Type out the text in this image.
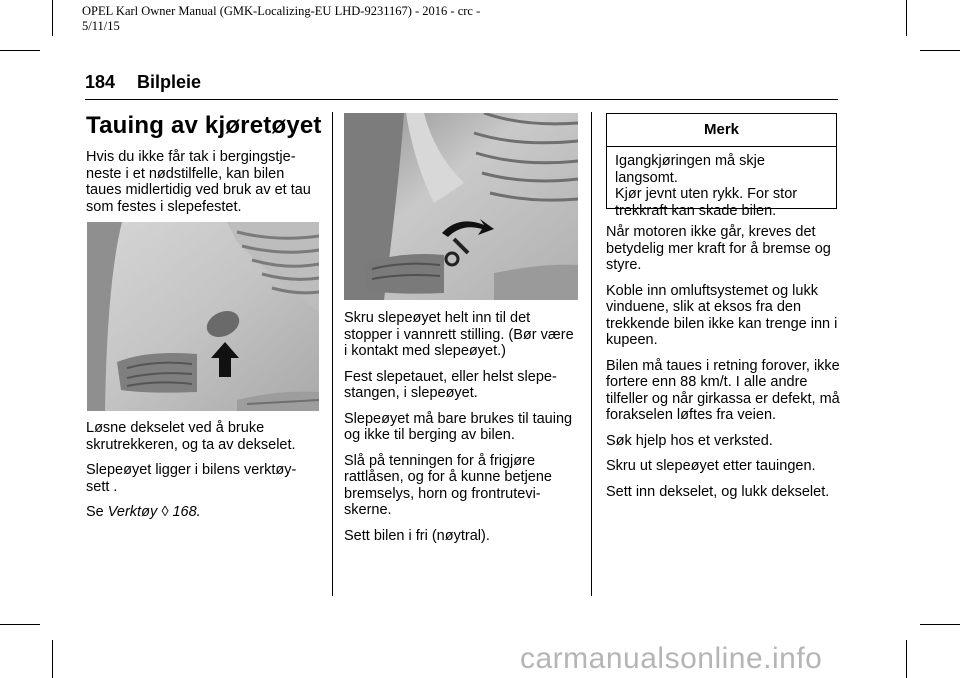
OPEL Karl Owner Manual (GMK-Localizing-EU LHD-9231167) - 2016 - crc -
5/11/15
184 Bilpleie
Tauing av kjøretøyet

Hvis du ikke får tak i bergingstje-
neste i et nødstilfelle, kan bilen
taues midlertidig ved bruk av et tau
som festes i slepefestet.

Løsne dekselet ved å bruke
skrutrekkeren, og ta av dekselet.

Slepeøyet ligger i bilens verktøy-
sett .

Se Verktøy ◊ 168.

Skru slepeøyet helt inn til det
stopper i vannrett stilling. (Bør være
i kontakt med slepeøyet.)

Fest slepetauet, eller helst slepe-
stangen, i slepeøyet.

Slepeøyet må bare brukes til tauing
og ikke til berging av bilen.

Slå på tenningen for å frigjøre
rattlåsen, og for å kunne betjene
bremselys, horn og frontrutevi-
skerne.

Sett bilen i fri (nøytral).

Merk

Igangkjøringen må skje langsomt.
Kjør jevnt uten rykk. For stor
trekkraft kan skade bilen.

Når motoren ikke går, kreves det
betydelig mer kraft for å bremse og
styre.

Koble inn omluftsystemet og lukk
vinduene, slik at eksos fra den
trekkende bilen ikke kan trenge inn i
kupeen.

Bilen må taues i retning forover, ikke
fortere enn 88 km/t. I alle andre
tilfeller og når girkassa er defekt, må
forakselen løftes fra veien.

Søk hjelp hos et verksted.

Skru ut slepeøyet etter tauingen.

Sett inn dekselet, og lukk dekselet.

carmanualsonline.info
